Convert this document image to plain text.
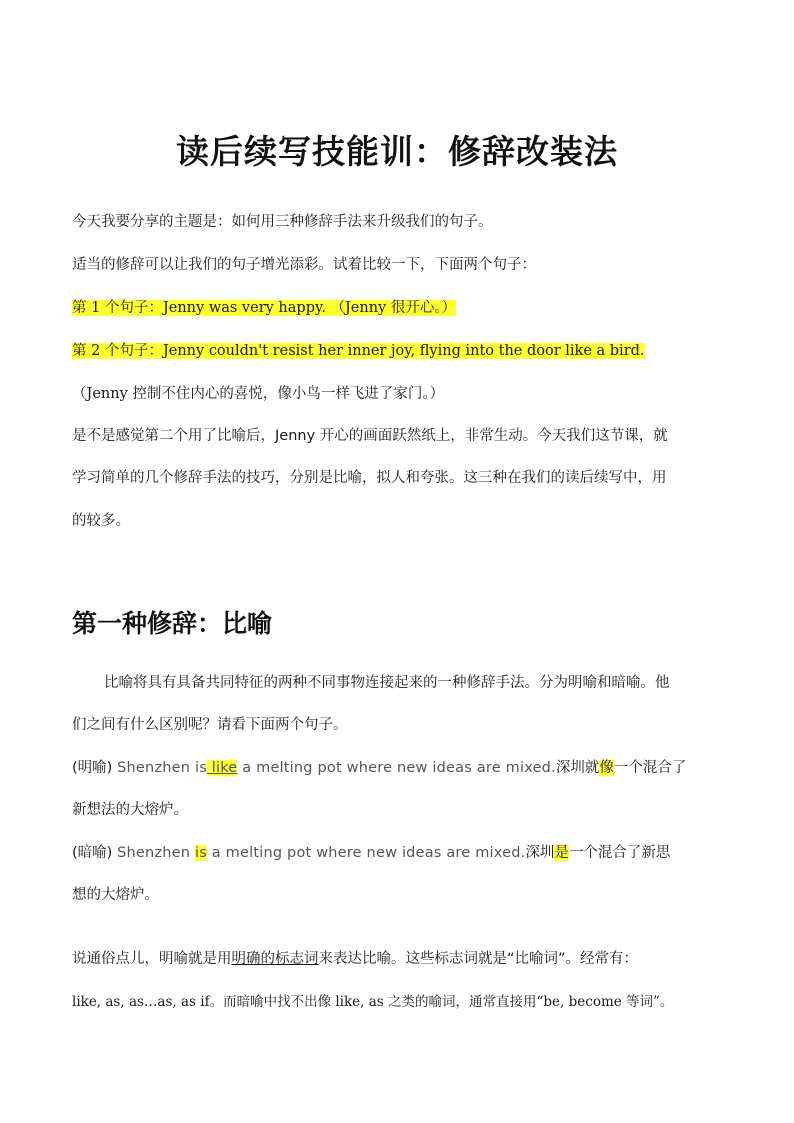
读后续写技能训：修辞改装法
今天我要分享的主题是：如何用三种修辞手法来升级我们的句子。
适当的修辞可以让我们的句子增光添彩。试着比较一下，下面两个句子：
第 1 个句子：Jenny was very happy. （Jenny 很开心。）
第 2 个句子：Jenny couldn't resist her inner joy, flying into the door like a bird.
（Jenny 控制不住内心的喜悦，像小鸟一样飞进了家门。）
是不是感觉第二个用了比喻后，Jenny 开心的画面跃然纸上，非常生动。今天我们这节课，就
学习简单的几个修辞手法的技巧，分别是比喻，拟人和夸张。这三种在我们的读后续写中，用
的较多。
第一种修辞：比喻
比喻将具有具备共同特征的两种不同事物连接起来的一种修辞手法。分为明喻和暗喻。他
们之间有什么区别呢？请看下面两个句子。
(明喻) Shenzhen is like a melting pot where new ideas are mixed.深圳就像一个混合了
新想法的大熔炉。
(暗喻) Shenzhen is a melting pot where new ideas are mixed.深圳是一个混合了新思
想的大熔炉。
说通俗点儿，明喻就是用明确的标志词来表达比喻。这些标志词就是“比喻词”。经常有：
like, as, as…as, as if。而暗喻中找不出像 like, as 之类的喻词，通常直接用“be, become 等词”。
